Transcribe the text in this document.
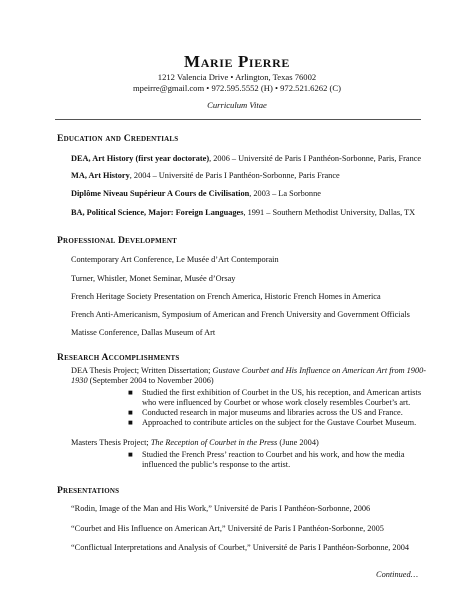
Marie Pierre
1212 Valencia Drive • Arlington, Texas 76002
mpeirre@gmail.com • 972.595.5552 (H) • 972.521.6262 (C)
Curriculum Vitae
Education and Credentials
DEA, Art History (first year doctorate), 2006 – Université de Paris I Panthéon-Sorbonne, Paris, France
MA, Art History, 2004 – Université de Paris I Panthéon-Sorbonne, Paris France
Diplôme Niveau Supérieur A Cours de Civilisation, 2003 – La Sorbonne
BA, Political Science, Major: Foreign Languages, 1991 – Southern Methodist University, Dallas, TX
Professional Development
Contemporary Art Conference, Le Musée d’Art Contemporain
Turner, Whistler, Monet Seminar, Musée d’Orsay
French Heritage Society Presentation on French America, Historic French Homes in America
French Anti-Americanism, Symposium of American and French University and Government Officials
Matisse Conference, Dallas Museum of Art
Research Accomplishments
DEA Thesis Project; Written Dissertation; Gustave Courbet and His Influence on American Art from 1900-1930 (September 2004 to November 2006)
■ Studied the first exhibition of Courbet in the US, his reception, and American artists who were influenced by Courbet or whose work closely resembles Courbet’s art.
■ Conducted research in major museums and libraries across the US and France.
■ Approached to contribute articles on the subject for the Gustave Courbet Museum.
Masters Thesis Project; The Reception of Courbet in the Press (June 2004)
■ Studied the French Press’ reaction to Courbet and his work, and how the media influenced the public’s response to the artist.
Presentations
“Rodin, Image of the Man and His Work,” Université de Paris I Panthéon-Sorbonne, 2006
“Courbet and His Influence on American Art,” Université de Paris I Panthéon-Sorbonne, 2005
“Conflictual Interpretations and Analysis of Courbet,” Université de Paris I Panthéon-Sorbonne, 2004
Continued…
